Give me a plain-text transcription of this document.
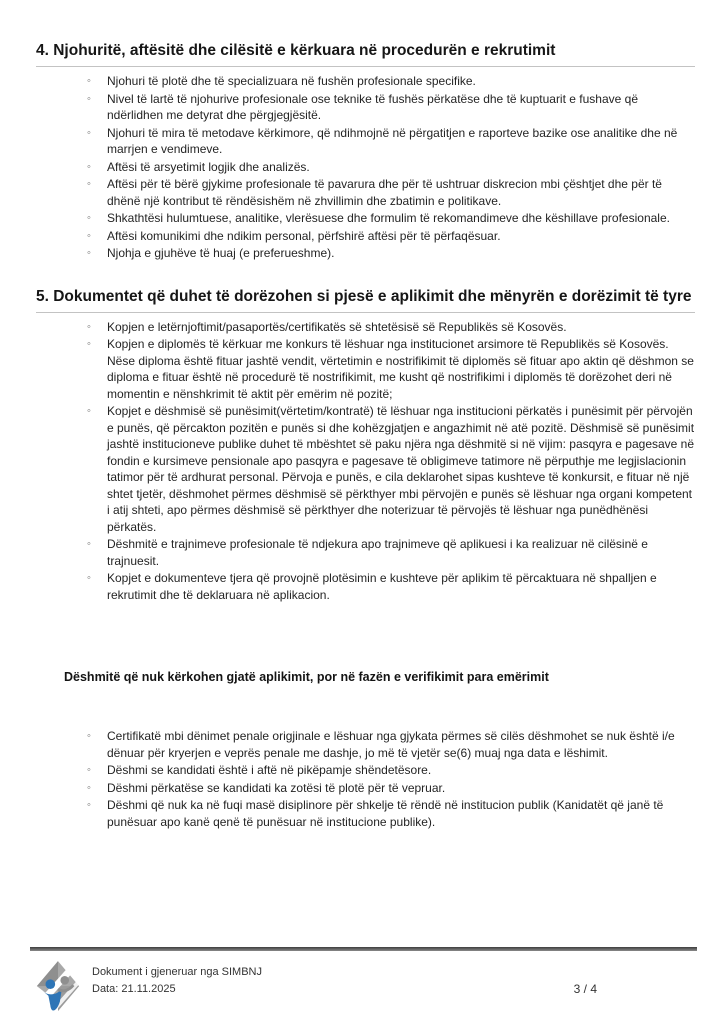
4. Njohuritë, aftësitë dhe cilësitë e kërkuara në procedurën e rekrutimit
◦ Njohuri të plotë dhe të specializuara në fushën profesionale specifike.
◦ Nivel të lartë të njohurive profesionale ose teknike të fushës përkatëse dhe të kuptuarit e fushave që ndërlidhen me detyrat dhe përgjegjësitë.
◦ Njohuri të mira të metodave kërkimore, që ndihmojnë në përgatitjen e raporteve bazike ose analitike dhe në marrjen e vendimeve.
◦ Aftësi të arsyetimit logjik dhe analizës.
◦ Aftësi për të bërë gjykime profesionale të pavarura dhe për të ushtruar diskrecion mbi çështjet dhe për të dhënë një kontribut të rëndësishëm në zhvillimin dhe zbatimin e politikave.
◦ Shkathtësi hulumtuese, analitike, vlerësuese dhe formulim të rekomandimeve dhe këshillave profesionale.
◦ Aftësi komunikimi dhe ndikim personal, përfshirë aftësi për të përfaqësuar.
◦ Njohja e gjuhëve të huaj (e preferueshme).
5. Dokumentet që duhet të dorëzohen si pjesë e aplikimit dhe mënyrën e dorëzimit të tyre
◦ Kopjen e letërnjoftimit/pasaportës/certifikatës së shtetësisë së Republikës së Kosovës.
◦ Kopjen e diplomës të kërkuar me konkurs të lëshuar nga institucionet arsimore të Republikës së Kosovës. Nëse diploma është fituar jashtë vendit, vërtetimin e nostrifikimit të diplomës së fituar apo aktin që dëshmon se diploma e fituar është në procedurë të nostrifikimit, me kusht që nostrifikimi i diplomës të dorëzohet deri në momentin e nënshkrimit të aktit për emërim në pozitë;
◦ Kopjet e dëshmisë së punësimit(vërtetim/kontratë) të lëshuar nga institucioni përkatës i punësimit për përvojën e punës, që përcakton pozitën e punës si dhe kohëzgjatjen e angazhimit në atë pozitë. Dëshmisë së punësimit jashtë institucioneve publike duhet të mbështet së paku njëra nga dëshmitë si në vijim: pasqyra e pagesave në fondin e kursimeve pensionale apo pasqyra e pagesave të obligimeve tatimore në përputhje me legjislacionin tatimor për të ardhurat personal. Përvoja e punës, e cila deklarohet sipas kushteve të konkursit, e fituar në një shtet tjetër, dëshmohet përmes dëshmisë së përkthyer mbi përvojën e punës së lëshuar nga organi kompetent i atij shteti, apo përmes dëshmisë së përkthyer dhe noterizuar të përvojës të lëshuar nga punëdhënësi përkatës.
◦ Dëshmitë e trajnimeve profesionale të ndjekura apo trajnimeve që aplikuesi i ka realizuar në cilësinë e trajnuesit.
◦ Kopjet e dokumenteve tjera që provojnë plotësimin e kushteve për aplikim të përcaktuara në shpalljen e rekrutimit dhe të deklaruara në aplikacion.
Dëshmitë që nuk kërkohen gjatë aplikimit, por në fazën e verifikimit para emërimit
◦ Certifikatë mbi dënimet penale origjinale e lëshuar nga gjykata përmes së cilës dëshmohet se nuk është i/e dënuar për kryerjen e veprës penale me dashje, jo më të vjetër se(6) muaj nga data e lëshimit.
◦ Dëshmi se kandidati është i aftë në pikëpamje shëndetësore.
◦ Dëshmi përkatëse se kandidati ka zotësi të plotë për të vepruar.
◦ Dëshmi që nuk ka në fuqi masë disiplinore për shkelje të rëndë në institucion publik (Kanidatët që janë të punësuar apo kanë qenë të punësuar në institucione publike).
Dokument i gjeneruar nga SIMBNJ
Data: 21.11.2025	3 / 4
